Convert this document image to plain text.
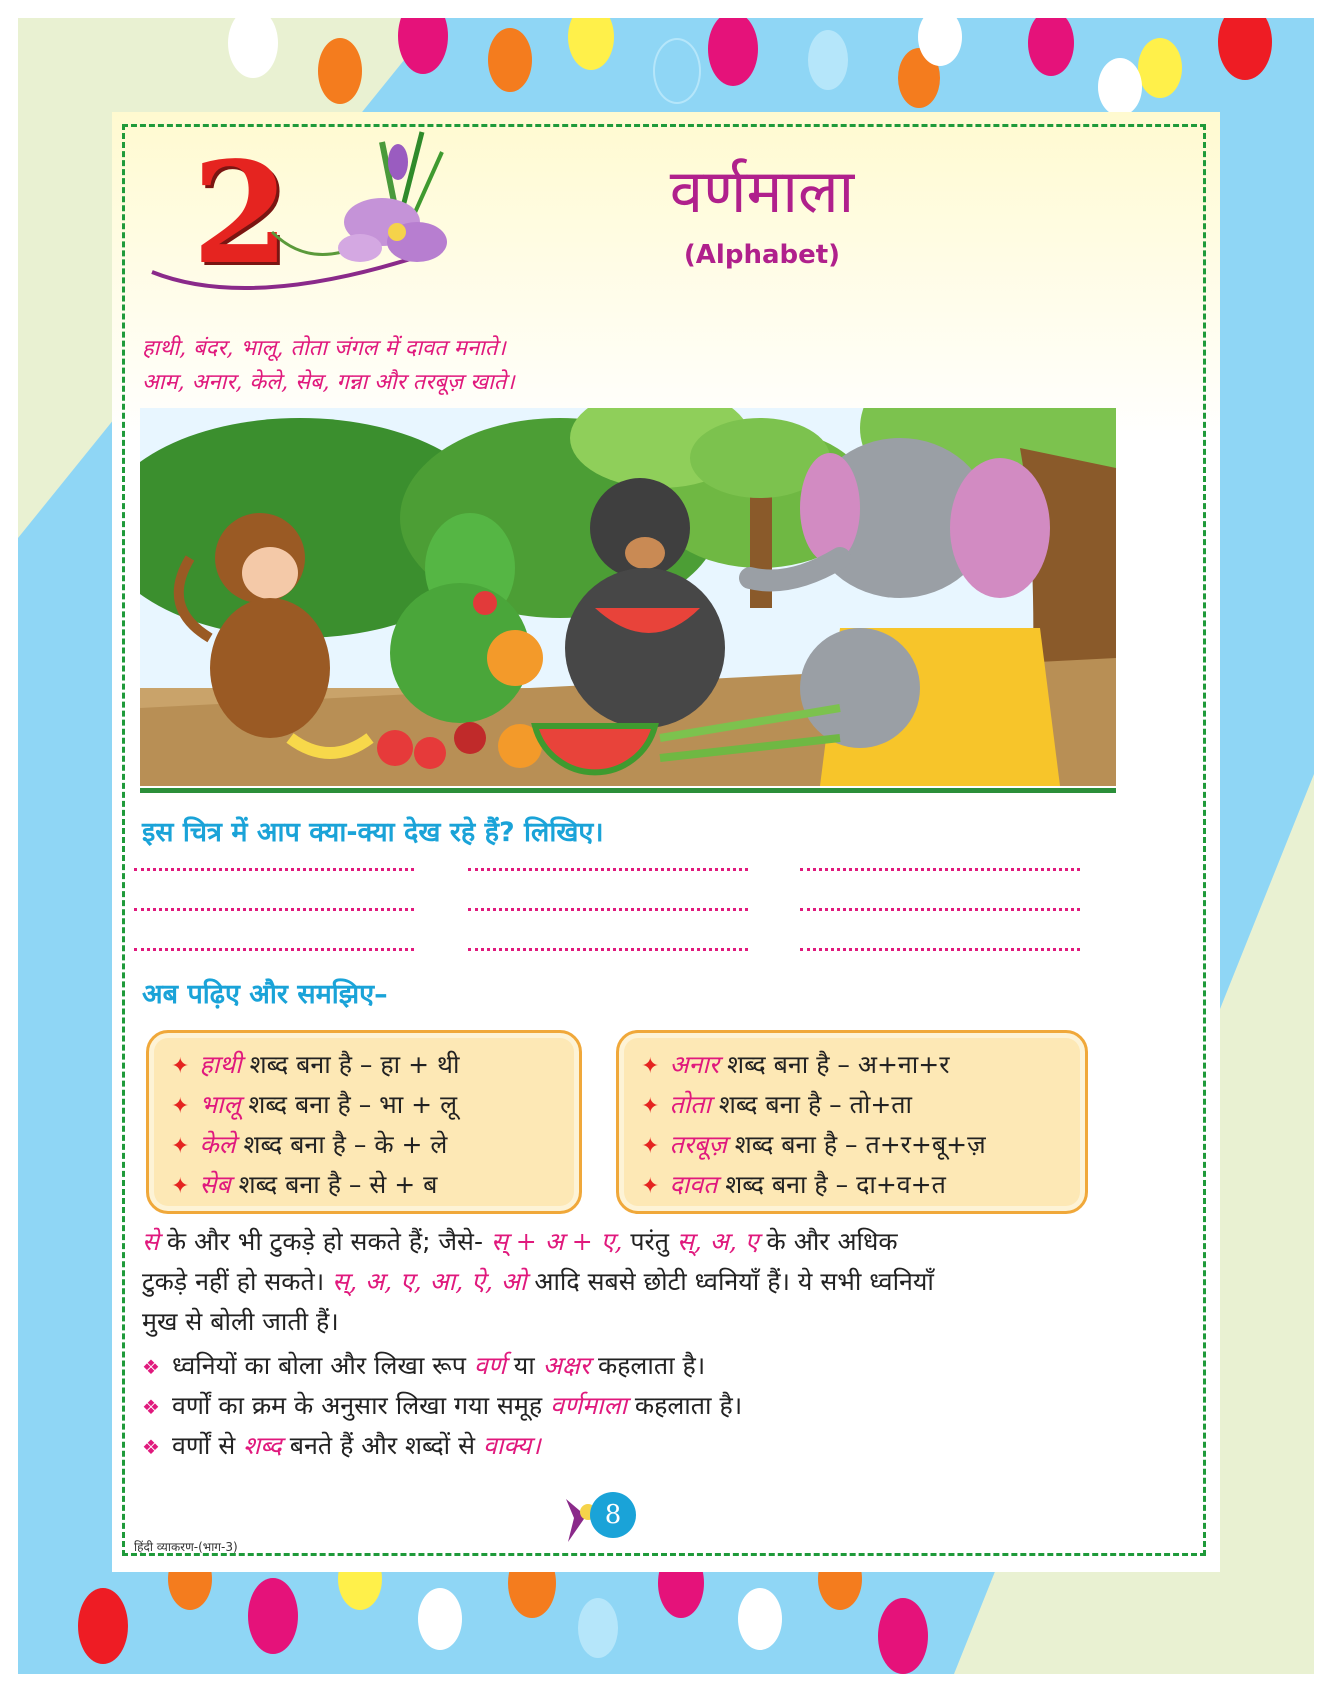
2	वर्णमाला
(Alphabet)
हाथी, बंदर, भालू, तोता जंगल में दावत मनाते।
आम, अनार, केले, सेब, गन्ना और तरबूज़ खाते।
इस चित्र में आप क्या-क्या देख रहे हैं? लिखिए।
अब पढ़िए और समझिए–
✦ हाथी शब्द बना है – हा + थी
✦ भालू शब्द बना है – भा + लू
✦ केले शब्द बना है – के + ले
✦ सेब शब्द बना है – से + ब
✦ अनार शब्द बना है – अ+ना+र
✦ तोता शब्द बना है – तो+ता
✦ तरबूज़ शब्द बना है – त+र+बू+ज़
✦ दावत शब्द बना है – दा+व+त
से के और भी टुकड़े हो सकते हैं; जैसे- स् + अ + ए, परंतु स्, अ, ए के और अधिक
टुकड़े नहीं हो सकते। स्, अ, ए, आ, ऐ, ओ आदि सबसे छोटी ध्वनियाँ हैं। ये सभी ध्वनियाँ
मुख से बोली जाती हैं।
❖ ध्वनियों का बोला और लिखा रूप वर्ण या अक्षर कहलाता है।
❖ वर्णों का क्रम के अनुसार लिखा गया समूह वर्णमाला कहलाता है।
❖ वर्णों से शब्द बनते हैं और शब्दों से वाक्य।
8
हिंदी व्याकरण-(भाग-3)
